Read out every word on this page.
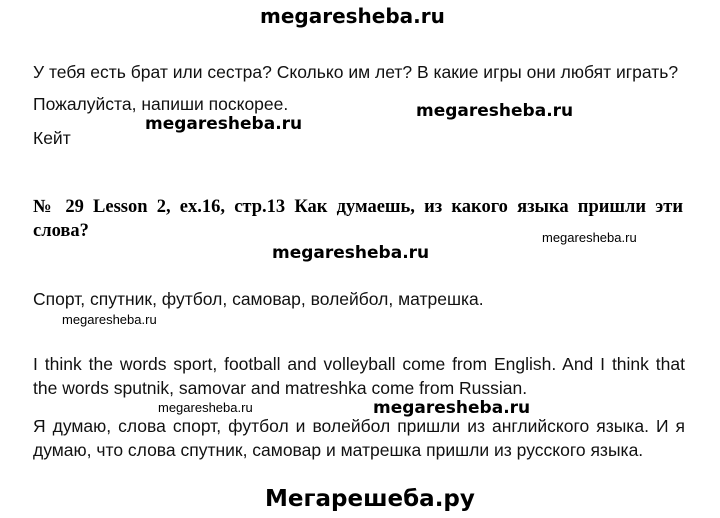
megaresheba.ru
У тебя есть брат или сестра? Сколько им лет? В какие игры они любят играть?
Пожалуйста, напиши поскорее.	megaresheba.ru
megaresheba.ru
Кейт
№ 29 Lesson 2, ex.16, стр.13 Как думаешь, из какого языка пришли эти слова?	megaresheba.ru
megaresheba.ru
Спорт, спутник, футбол, самовар, волейбол, матрешка.
megaresheba.ru
I think the words sport, football and volleyball come from English. And I think that the words sputnik, samovar and matreshka come from Russian.
megaresheba.ru	megaresheba.ru
Я думаю, слова спорт, футбол и волейбол пришли из английского языка. И я думаю, что слова спутник, самовар и матрешка пришли из русского языка.
Мегарешеба.ру
